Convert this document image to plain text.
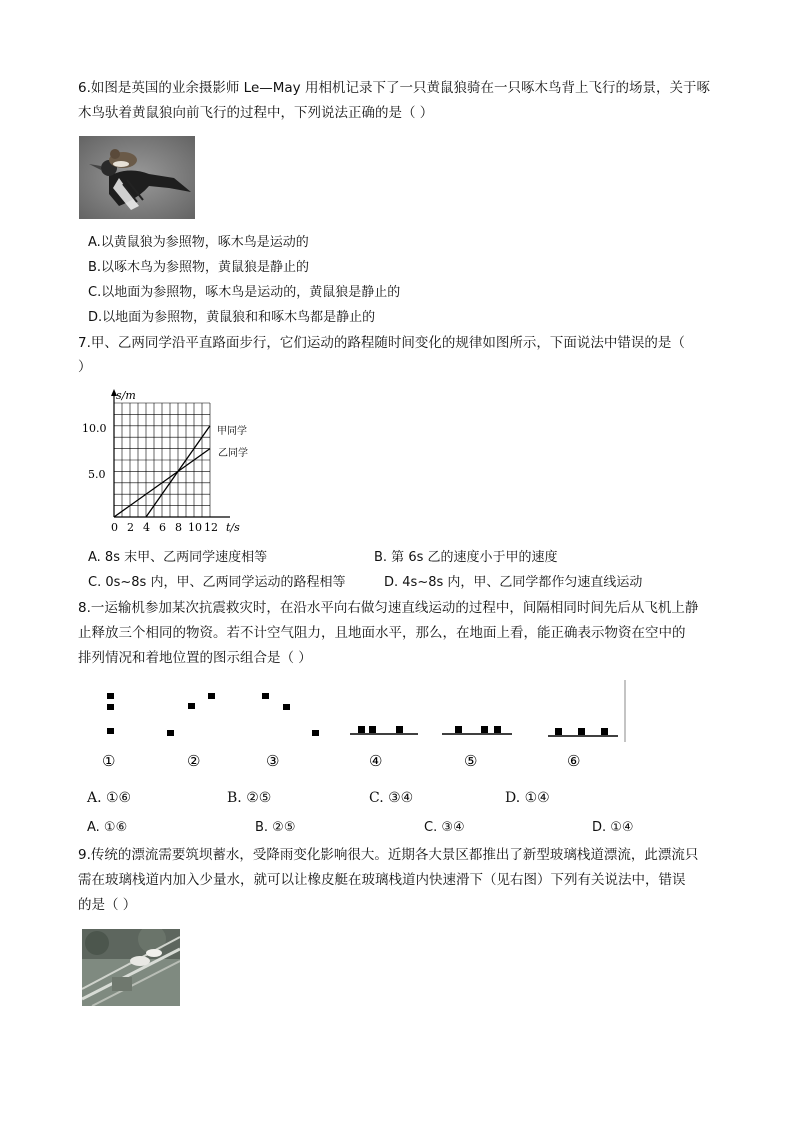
6.如图是英国的业余摄影师 Le—May 用相机记录下了一只黄鼠狼骑在一只啄木鸟背上飞行的场景，关于啄
木鸟驮着黄鼠狼向前飞行的过程中，下列说法正确的是（ ）
A.以黄鼠狼为参照物，啄木鸟是运动的
B.以啄木鸟为参照物，黄鼠狼是静止的
C.以地面为参照物，啄木鸟是运动的，黄鼠狼是静止的
D.以地面为参照物，黄鼠狼和和啄木鸟都是静止的
7.甲、乙两同学沿平直路面步行，它们运动的路程随时间变化的规律如图所示，下面说法中错误的是（
）
s/m
t/s
10.0
5.0
0 2 4 6 8 10 12
甲同学
乙同学
A. 8s 末甲、乙两同学速度相等	B. 第 6s 乙的速度小于甲的速度
C. 0s~8s 内，甲、乙两同学运动的路程相等	D. 4s~8s 内，甲、乙同学都作匀速直线运动
8.一运输机参加某次抗震救灾时，在沿水平向右做匀速直线运动的过程中，间隔相同时间先后从飞机上静
止释放三个相同的物资。若不计空气阻力，且地面水平，那么，在地面上看，能正确表示物资在空中的
排列情况和着地位置的图示组合是（ ）
①	②	③	④	⑤	⑥
A. ①⑥	B. ②⑤	C. ③④	D. ①④
A. ①⑥	B. ②⑤	C. ③④	D. ①④
9.传统的漂流需要筑坝蓄水，受降雨变化影响很大。近期各大景区都推出了新型玻璃栈道漂流，此漂流只
需在玻璃栈道内加入少量水，就可以让橡皮艇在玻璃栈道内快速滑下（见右图）下列有关说法中，错误
的是（ ）
